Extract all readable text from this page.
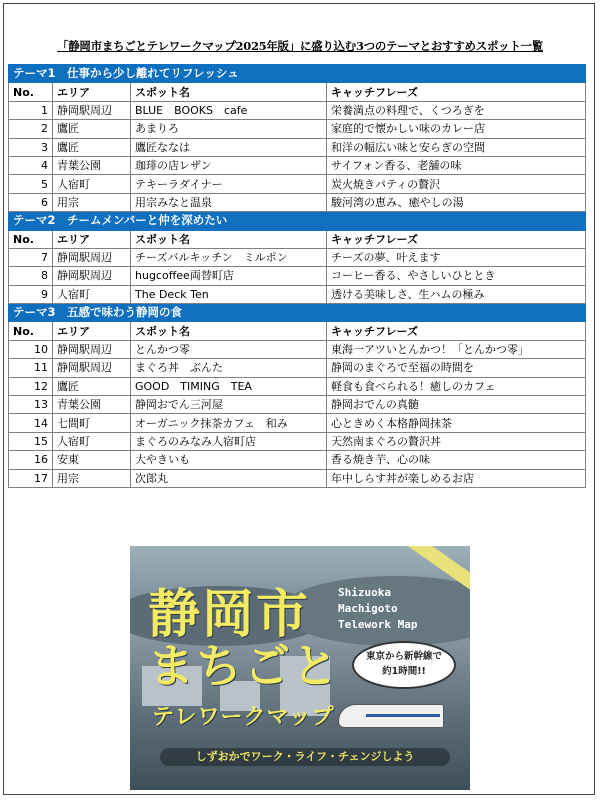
「静岡市まちごとテレワークマップ2025年版」に盛り込む3つのテーマとおすすめスポット一覧
テーマ1　仕事から少し離れてリフレッシュ			
No.	エリア	スポット名	キャッチフレーズ
1	静岡駅周辺	BLUE　BOOKS　cafe	栄養満点の料理で、くつろぎを
2	鷹匠	あまりろ	家庭的で懐かしい味のカレー店
3	鷹匠	鷹匠ななは	和洋の幅広い味と安らぎの空間
4	青葉公園	珈琲の店レザン	サイフォン香る、老舗の味
5	人宿町	テキーラダイナー	炭火焼きパティの贅沢
6	用宗	用宗みなと温泉	駿河湾の恵み、癒やしの湯
テーマ2　チームメンバーと仲を深めたい			
No.	エリア	スポット名	キャッチフレーズ
7	静岡駅周辺	チーズバルキッチン　ミルポン	チーズの夢、叶えます
8	静岡駅周辺	hugcoffee両替町店	コーヒー香る、やさしいひととき
9	人宿町	The Deck Ten	透ける美味しさ、生ハムの極み
テーマ3　五感で味わう静岡の食			
No.	エリア	スポット名	キャッチフレーズ
10	静岡駅周辺	とんかつ零	東海一アツいとんかつ！「とんかつ零」
11	静岡駅周辺	まぐろ丼　ぶんた	静岡のまぐろで至福の時間を
12	鷹匠	GOOD　TIMING　TEA	軽食も食べられる！癒しのカフェ
13	青葉公園	静岡おでん三河屋	静岡おでんの真髄
14	七間町	オーガニック抹茶カフェ　和み	心ときめく本格静岡抹茶
15	人宿町	まぐろのみなみ人宿町店	天然南まぐろの贅沢丼
16	安東	大やきいも	香る焼き芋、心の味
17	用宗	次郎丸	年中しらす丼が楽しめるお店
静岡市
まちごと
Shizuoka
Machigoto
Telework Map
東京から新幹線で
約1時間!!
テレワークマップ
しずおかでワーク・ライフ・チェンジしよう
